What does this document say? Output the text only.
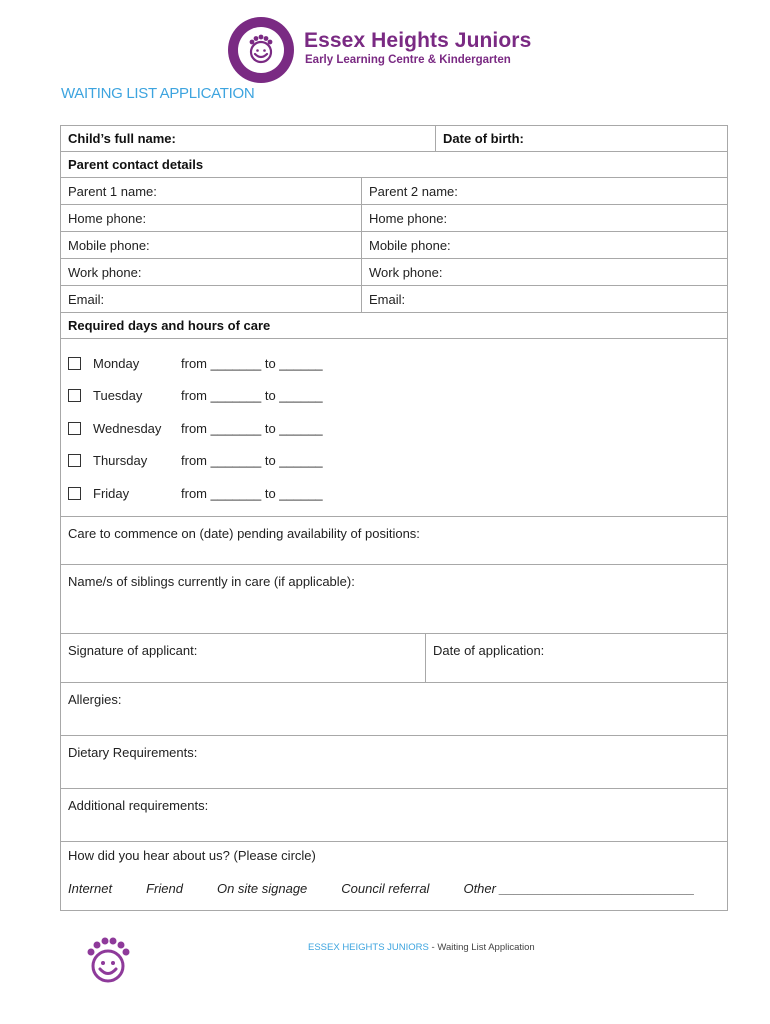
Essex Heights Juniors
Early Learning Centre & Kindergarten
WAITING LIST APPLICATION
Child’s full name:	Date of birth:
Parent contact details
Parent 1 name:	Parent 2 name:
Home phone:	Home phone:
Mobile phone:	Mobile phone:
Work phone:	Work phone:
Email:	Email:
Required days and hours of care
Monday	from _______ to ______
Tuesday	from _______ to ______
Wednesday	from _______ to ______
Thursday	from _______ to ______
Friday	from _______ to ______
Care to commence on (date) pending availability of positions:
Name/s of siblings currently in care (if applicable):
Signature of applicant:	Date of application:
Allergies:
Dietary Requirements:
Additional requirements:
How did you hear about us? (Please circle)
Internet	Friend	On site signage	Council referral	Other ___________________________
ESSEX HEIGHTS JUNIORS - Waiting List Application
